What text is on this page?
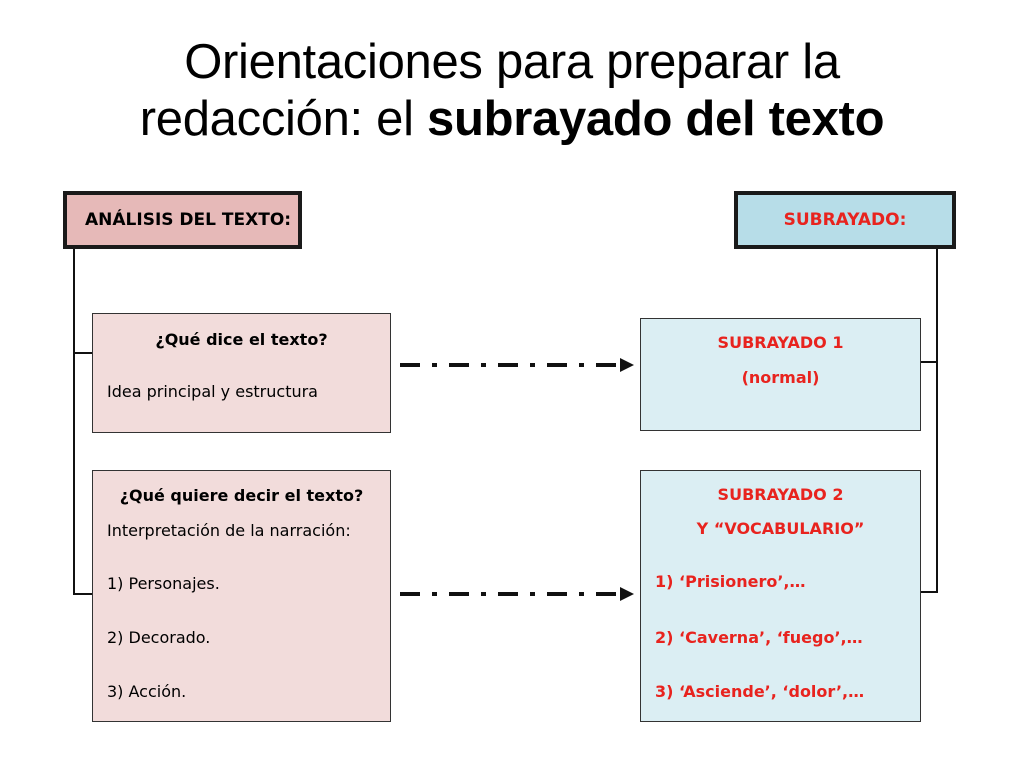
Orientaciones para preparar la
redacción: el subrayado del texto
ANÁLISIS DEL TEXTO:	SUBRAYADO:
¿Qué dice el texto?
Idea principal y estructura
¿Qué quiere decir el texto?
Interpretación de la narración:
1) Personajes.
2) Decorado.
3) Acción.
SUBRAYADO 1
(normal)
SUBRAYADO 2
Y “VOCABULARIO”
1) ‘Prisionero’,…
2) ‘Caverna’, ‘fuego’,…
3) ‘Asciende’, ‘dolor’,…
